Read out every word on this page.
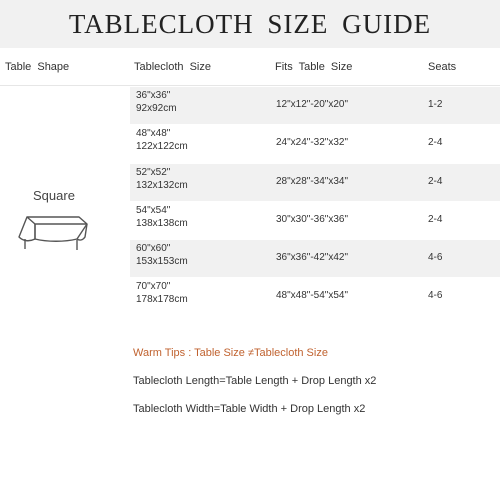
TABLECLOTH SIZE GUIDE
Table Shape	Tablecloth Size	Fits Table Size	Seats
Square
36"x36"
92x92cm	12"x12"-20"x20"	1-2
48"x48"
122x122cm	24"x24"-32"x32"	2-4
52"x52"
132x132cm	28"x28"-34"x34"	2-4
54"x54"
138x138cm	30"x30"-36"x36"	2-4
60"x60"
153x153cm	36"x36"-42"x42"	4-6
70"x70"
178x178cm	48"x48"-54"x54"	4-6
Warm Tips : Table Size ≠Tablecloth Size
Tablecloth Length=Table Length + Drop Length x2
Tablecloth Width=Table Width + Drop Length x2
